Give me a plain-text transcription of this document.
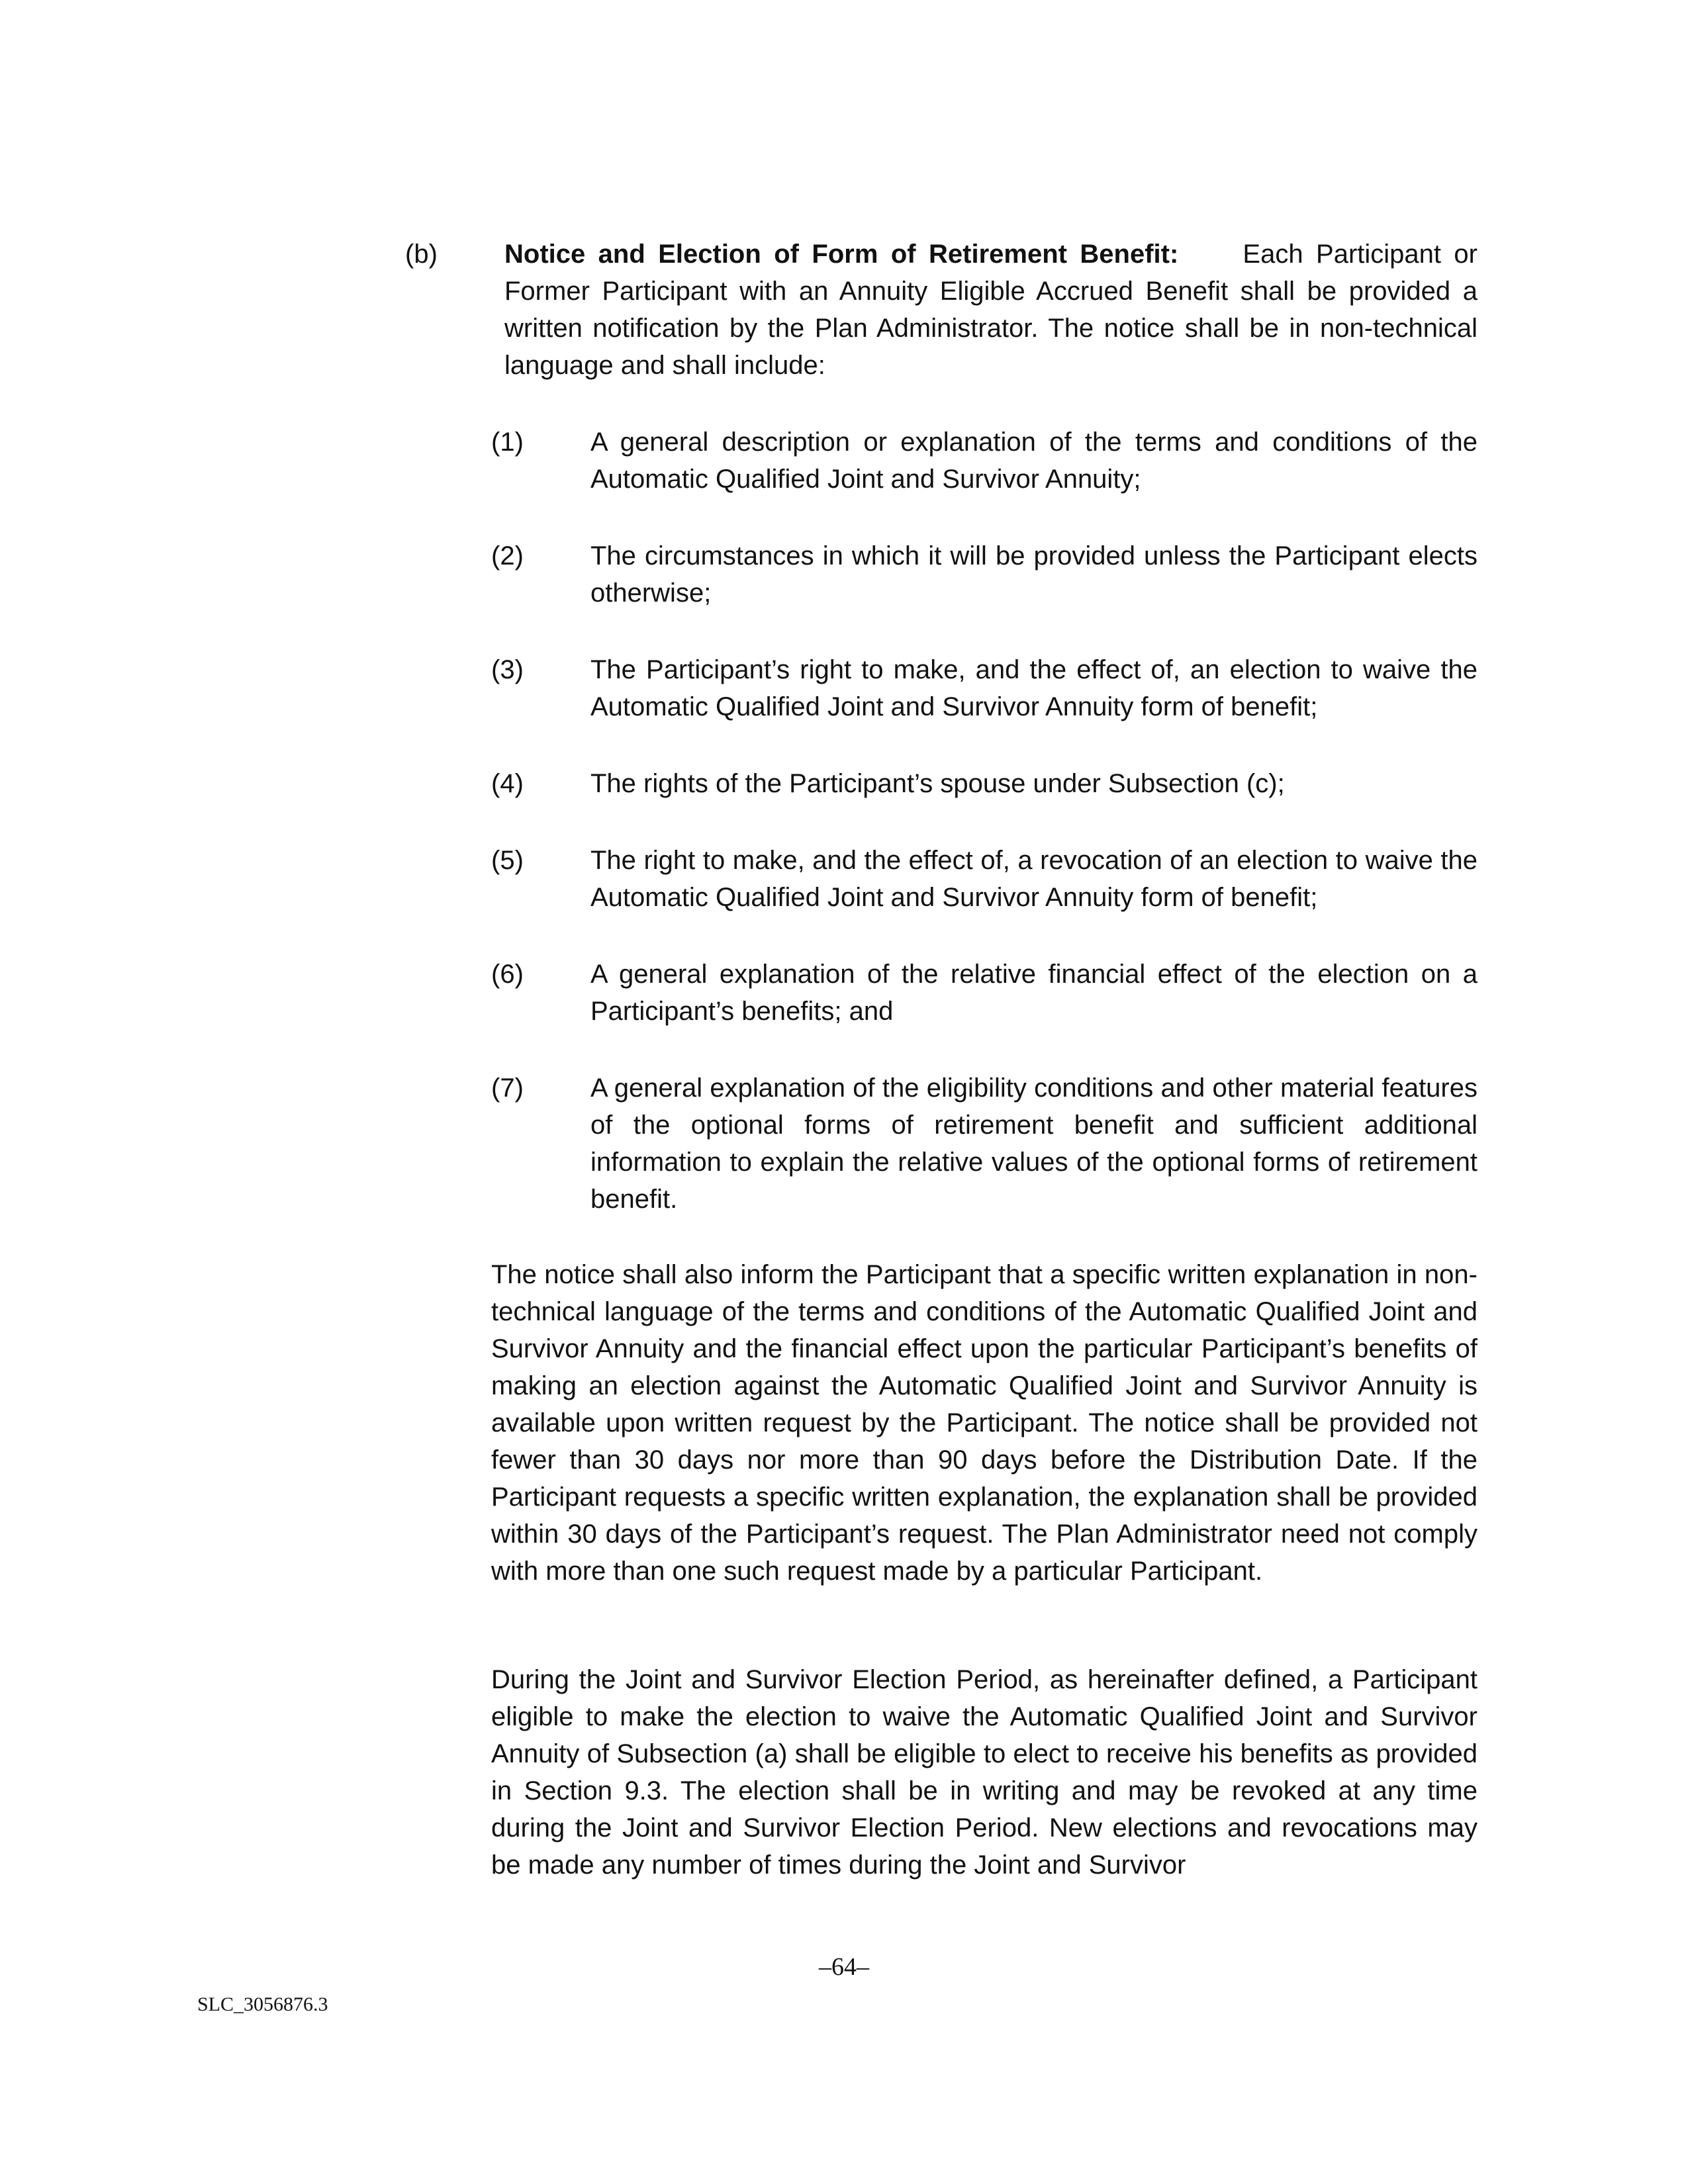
(b)	Notice and Election of Form of Retirement Benefit: Each Participant or Former Participant with an Annuity Eligible Accrued Benefit shall be provided a written notification by the Plan Administrator. The notice shall be in non-technical language and shall include:
(1)	A general description or explanation of the terms and conditions of the Automatic Qualified Joint and Survivor Annuity;
(2)	The circumstances in which it will be provided unless the Participant elects otherwise;
(3)	The Participant’s right to make, and the effect of, an election to waive the Automatic Qualified Joint and Survivor Annuity form of benefit;
(4)	The rights of the Participant’s spouse under Subsection (c);
(5)	The right to make, and the effect of, a revocation of an election to waive the Automatic Qualified Joint and Survivor Annuity form of benefit;
(6)	A general explanation of the relative financial effect of the election on a Participant’s benefits; and
(7)	A general explanation of the eligibility conditions and other material features of the optional forms of retirement benefit and sufficient additional information to explain the relative values of the optional forms of retirement benefit.
The notice shall also inform the Participant that a specific written explanation in non-technical language of the terms and conditions of the Automatic Qualified Joint and Survivor Annuity and the financial effect upon the particular Participant’s benefits of making an election against the Automatic Qualified Joint and Survivor Annuity is available upon written request by the Participant. The notice shall be provided not fewer than 30 days nor more than 90 days before the Distribution Date. If the Participant requests a specific written explanation, the explanation shall be provided within 30 days of the Participant’s request. The Plan Administrator need not comply with more than one such request made by a particular Participant.
During the Joint and Survivor Election Period, as hereinafter defined, a Participant eligible to make the election to waive the Automatic Qualified Joint and Survivor Annuity of Subsection (a) shall be eligible to elect to receive his benefits as provided in Section 9.3. The election shall be in writing and may be revoked at any time during the Joint and Survivor Election Period. New elections and revocations may be made any number of times during the Joint and Survivor
–64–
SLC_3056876.3
